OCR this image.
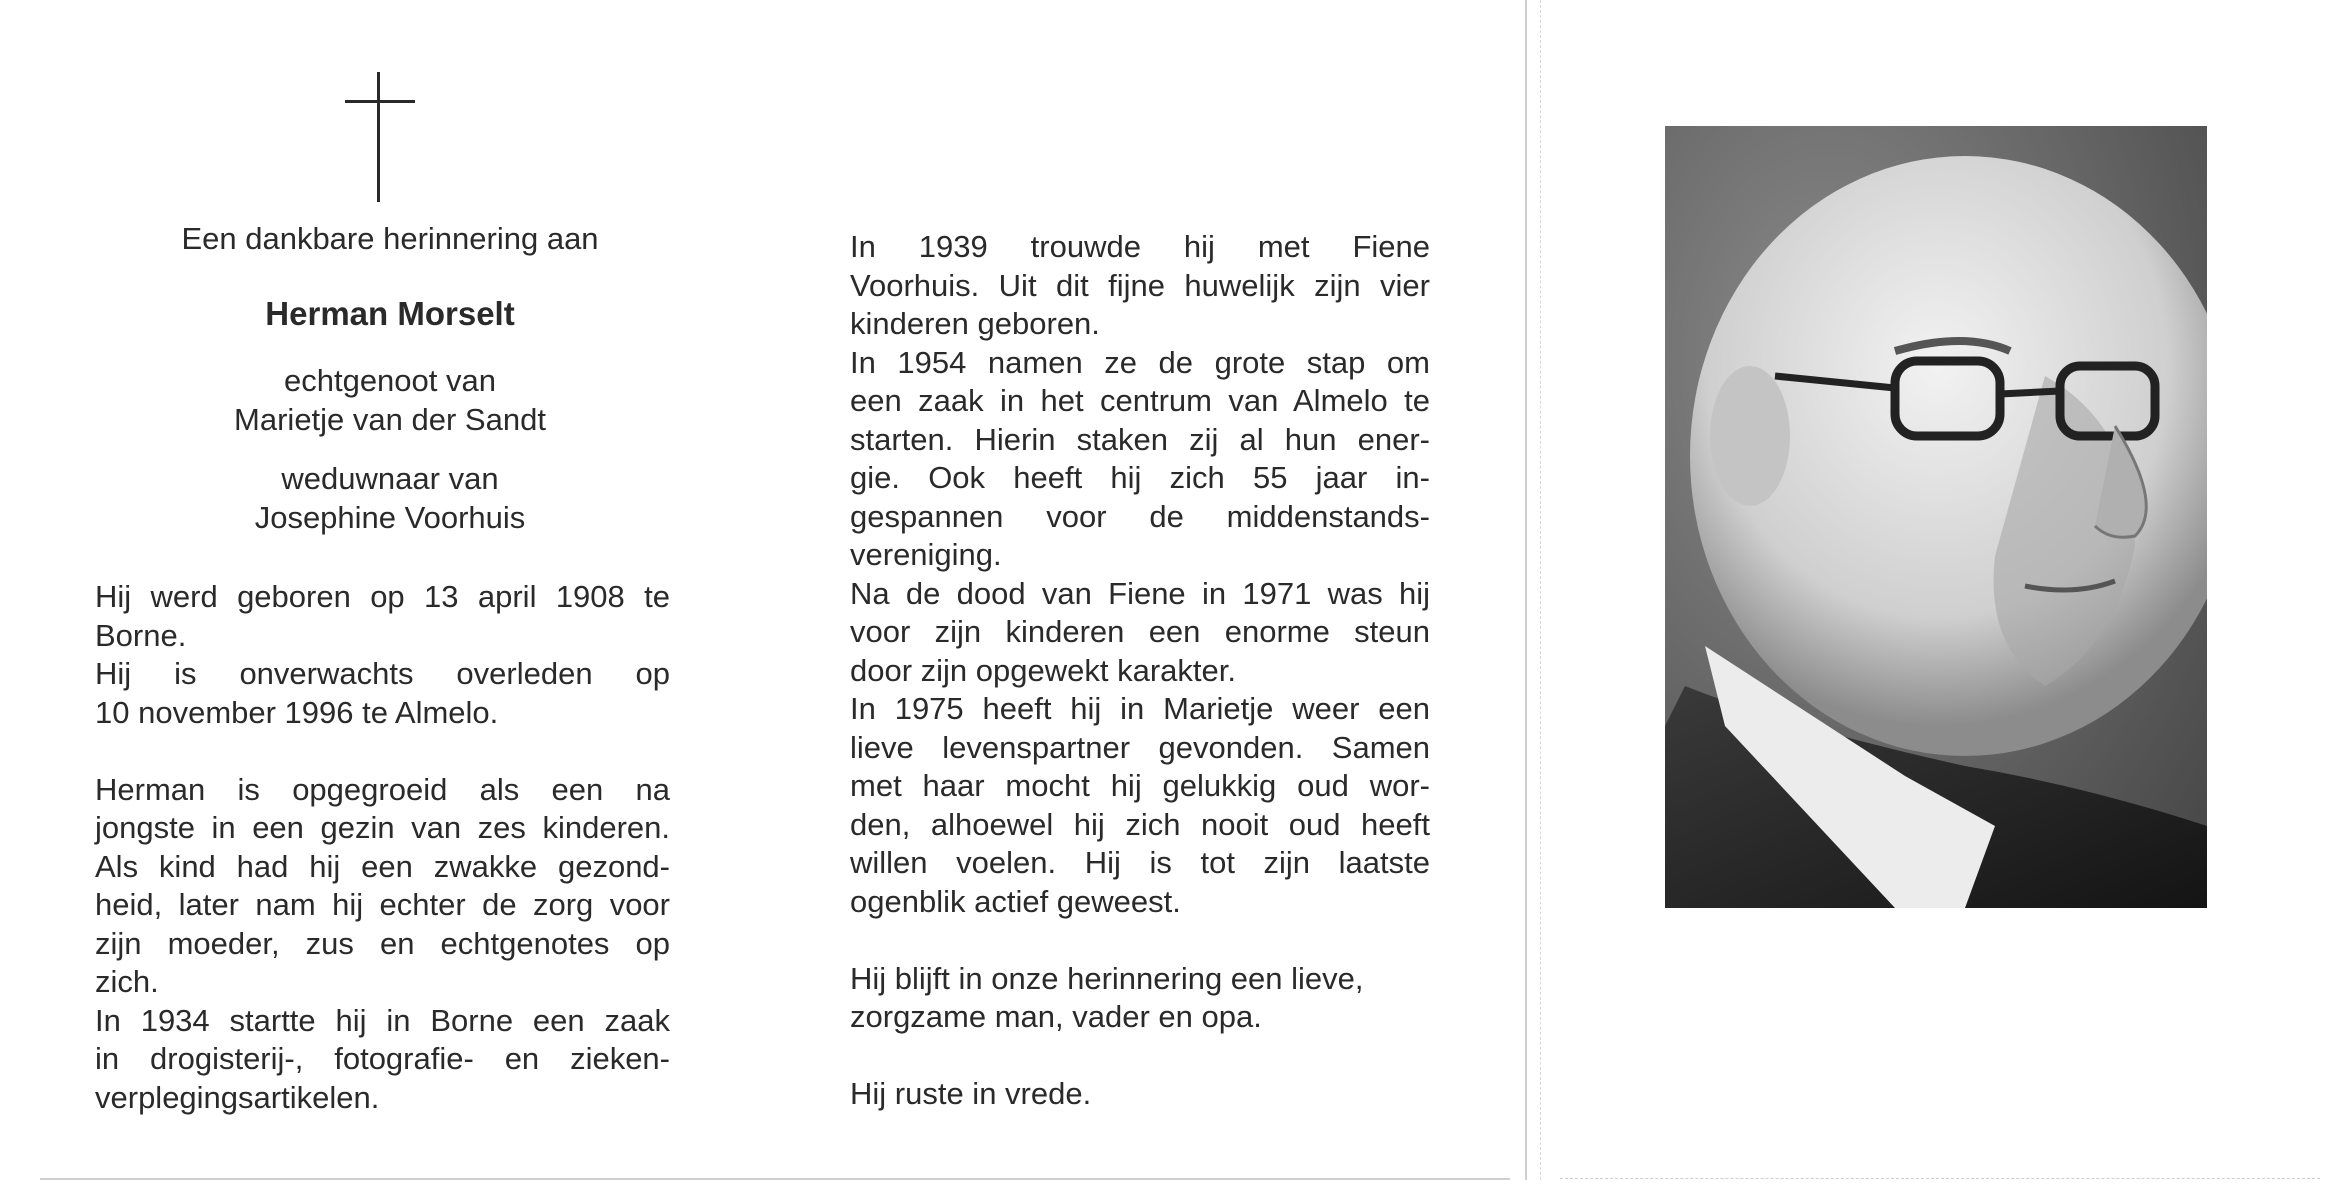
Een dankbare herinnering aan
Herman Morselt
echtgenoot van
Marietje van der Sandt
weduwnaar van
Josephine Voorhuis
Hij werd geboren op 13 april 1908 te
Borne.
Hij is onverwachts overleden op
10 november 1996 te Almelo.

Herman is opgegroeid als een na
jongste in een gezin van zes kinderen.
Als kind had hij een zwakke gezond-
heid, later nam hij echter de zorg voor
zijn moeder, zus en echtgenotes op
zich.
In 1934 startte hij in Borne een zaak
in drogisterij-, fotografie- en zieken-
verplegingsartikelen.
In 1939 trouwde hij met Fiene
Voorhuis. Uit dit fijne huwelijk zijn vier
kinderen geboren.
In 1954 namen ze de grote stap om
een zaak in het centrum van Almelo te
starten. Hierin staken zij al hun ener-
gie. Ook heeft hij zich 55 jaar in-
gespannen voor de middenstands-
vereniging.
Na de dood van Fiene in 1971 was hij
voor zijn kinderen een enorme steun
door zijn opgewekt karakter.
In 1975 heeft hij in Marietje weer een
lieve levenspartner gevonden. Samen
met haar mocht hij gelukkig oud wor-
den, alhoewel hij zich nooit oud heeft
willen voelen. Hij is tot zijn laatste
ogenblik actief geweest.

Hij blijft in onze herinnering een lieve,
zorgzame man, vader en opa.

Hij ruste in vrede.
